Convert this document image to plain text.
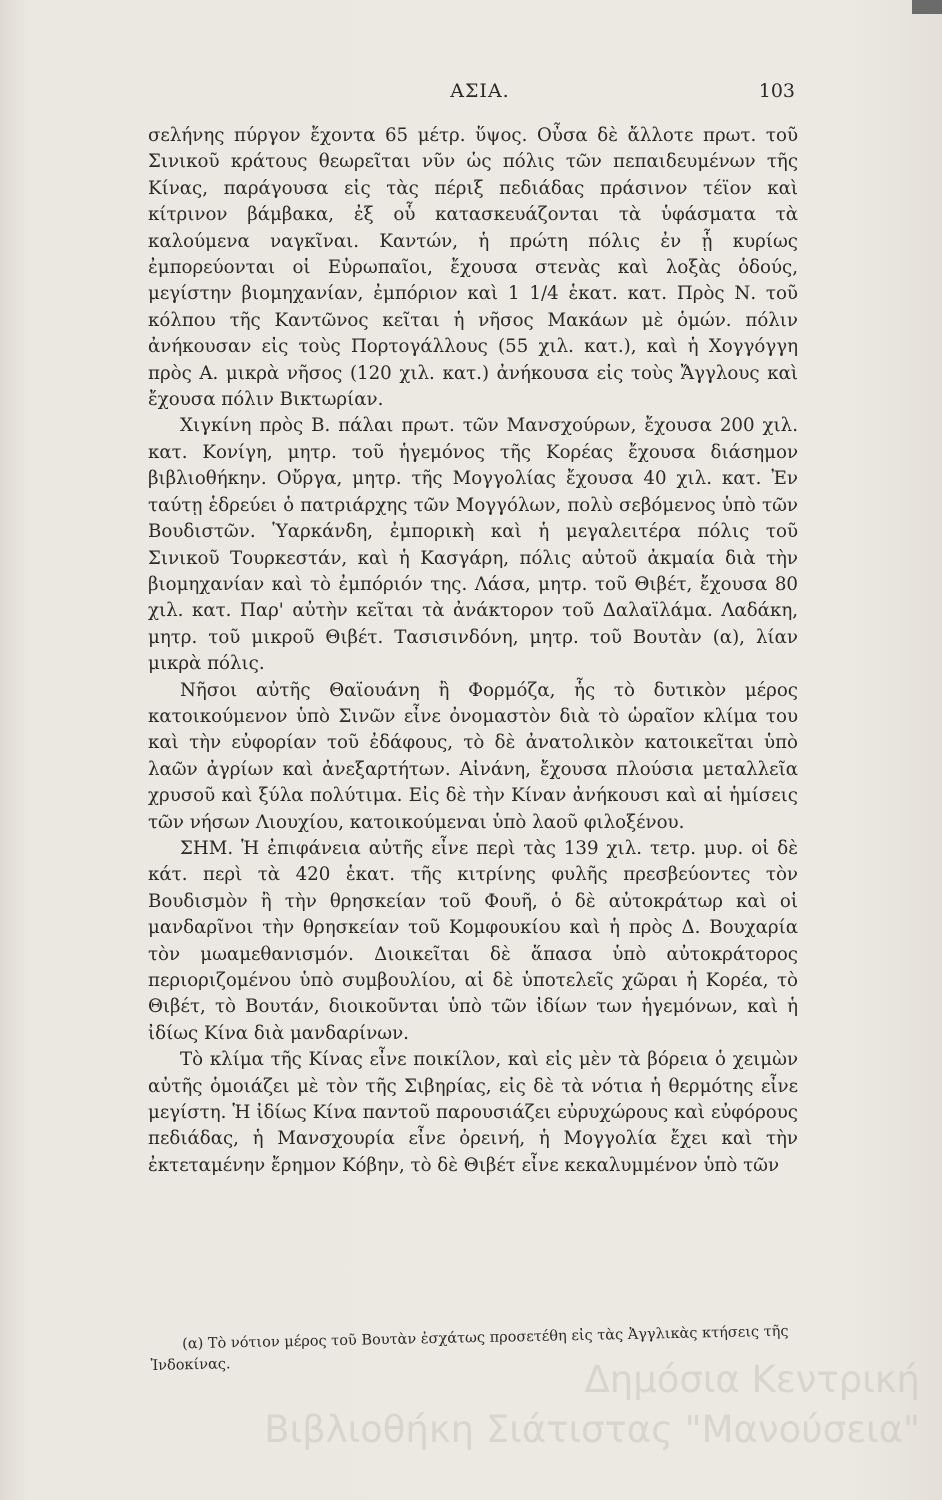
ΑΣΙΑ.	103

σελήνης πύργον ἔχοντα 65 μέτρ. ὕψος. Οὖσα δὲ ἄλλοτε πρωτ. τοῦ Σινικοῦ κράτους θεωρεῖται νῦν ὡς πόλις τῶν πεπαιδευμένων τῆς Κίνας, παράγουσα εἰς τὰς πέριξ πεδιάδας πράσινον τέϊον καὶ κίτρινον βάμβακα, ἐξ οὗ κατασκευάζονται τὰ ὑφάσματα τὰ καλούμενα ναγκῖναι. Καντών, ἡ πρώτη πόλις ἐν ᾗ κυρίως ἐμπορεύονται οἱ Εὐρωπαῖοι, ἔχουσα στενὰς καὶ λοξὰς ὁδούς, μεγίστην βιομηχανίαν, ἐμπόριον καὶ 1 1/4 ἑκατ. κατ. Πρὸς Ν. τοῦ κόλπου τῆς Καντῶνος κεῖται ἡ νῆσος Μακάων μὲ ὁμών. πόλιν ἀνήκουσαν εἰς τοὺς Πορτογάλλους (55 χιλ. κατ.), καὶ ἡ Χογγόγγη πρὸς Α. μικρὰ νῆσος (120 χιλ. κατ.) ἀνήκουσα εἰς τοὺς Ἄγγλους καὶ ἔχουσα πόλιν Βικτωρίαν.

Χιγκίνη πρὸς Β. πάλαι πρωτ. τῶν Μανσχούρων, ἔχουσα 200 χιλ. κατ. Κονίγη, μητρ. τοῦ ἡγεμόνος τῆς Κορέας ἔχουσα διάσημον βιβλιοθήκην. Οὔργα, μητρ. τῆς Μογγολίας ἔχουσα 40 χιλ. κατ. Ἐν ταύτῃ ἑδρεύει ὁ πατριάρχης τῶν Μογγόλων, πολὺ σεβόμενος ὑπὸ τῶν Βουδιστῶν. Ὑαρκάνδη, ἐμπορικὴ καὶ ἡ μεγαλειτέρα πόλις τοῦ Σινικοῦ Τουρκεστάν, καὶ ἡ Κασγάρη, πόλις αὐτοῦ ἀκμαία διὰ τὴν βιομηχανίαν καὶ τὸ ἐμπόριόν της. Λάσα, μητρ. τοῦ Θιβέτ, ἔχουσα 80 χιλ. κατ. Παρ' αὐτὴν κεῖται τὰ ἀνάκτορον τοῦ Δαλαϊλάμα. Λαδάκη, μητρ. τοῦ μικροῦ Θιβέτ. Τασισινδόνη, μητρ. τοῦ Βουτὰν (α), λίαν μικρὰ πόλις.

Νῆσοι αὐτῆς Θαϊουάνη ἢ Φορμόζα, ἧς τὸ δυτικὸν μέρος κατοικούμενον ὑπὸ Σινῶν εἶνε ὀνομαστὸν διὰ τὸ ὡραῖον κλίμα του καὶ τὴν εὐφορίαν τοῦ ἐδάφους, τὸ δὲ ἀνατολικὸν κατοικεῖται ὑπὸ λαῶν ἀγρίων καὶ ἀνεξαρτήτων. Αἰνάνη, ἔχουσα πλούσια μεταλλεῖα χρυσοῦ καὶ ξύλα πολύτιμα. Εἰς δὲ τὴν Κίναν ἀνήκουσι καὶ αἱ ἡμίσεις τῶν νήσων Λιουχίου, κατοικούμεναι ὑπὸ λαοῦ φιλοξένου.

ΣΗΜ. Ἡ ἐπιφάνεια αὐτῆς εἶνε περὶ τὰς 139 χιλ. τετρ. μυρ. οἱ δὲ κάτ. περὶ τὰ 420 ἑκατ. τῆς κιτρίνης φυλῆς πρεσβεύοντες τὸν Βουδισμὸν ἢ τὴν θρησκείαν τοῦ Φουῆ, ὁ δὲ αὐτοκράτωρ καὶ οἱ μανδαρῖνοι τὴν θρησκείαν τοῦ Κομφουκίου καὶ ἡ πρὸς Δ. Βουχαρία τὸν μωαμεθανισμόν. Διοικεῖται δὲ ἅπασα ὑπὸ αὐτοκράτορος περιοριζομένου ὑπὸ συμβουλίου, αἱ δὲ ὑποτελεῖς χῶραι ἡ Κορέα, τὸ Θιβέτ, τὸ Βουτάν, διοικοῦνται ὑπὸ τῶν ἰδίων των ἡγεμόνων, καὶ ἡ ἰδίως Κίνα διὰ μανδαρίνων.

Τὸ κλίμα τῆς Κίνας εἶνε ποικίλον, καὶ εἰς μὲν τὰ βόρεια ὁ χειμὼν αὐτῆς ὁμοιάζει μὲ τὸν τῆς Σιβηρίας, εἰς δὲ τὰ νότια ἡ θερμότης εἶνε μεγίστη. Ἡ ἰδίως Κίνα παντοῦ παρουσιάζει εὐρυχώρους καὶ εὐφόρους πεδιάδας, ἡ Μανσχουρία εἶνε ὀρεινή, ἡ Μογγολία ἔχει καὶ τὴν ἐκτεταμένην ἔρημον Κόβην, τὸ δὲ Θιβέτ εἶνε κεκαλυμμένον ὑπὸ τῶν

(α) Τὸ νότιον μέρος τοῦ Βουτὰν ἐσχάτως προσετέθη εἰς τὰς Ἀγγλικὰς κτήσεις τῆς Ἰνδοκίνας.	Δημόσια Κεντρική
Βιβλιοθήκη Σιάτιστας "Μανούσεια"
